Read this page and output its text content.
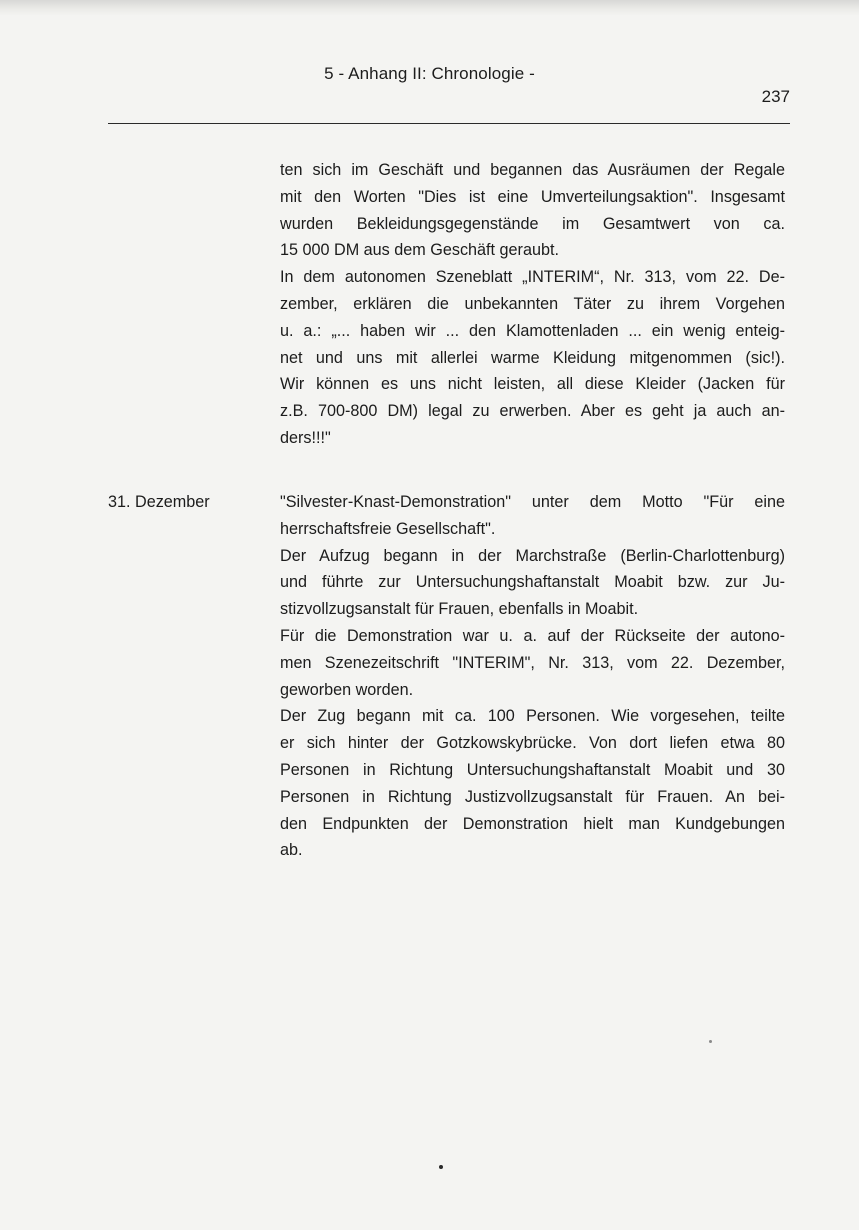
5 - Anhang II: Chronologie -
237
ten sich im Geschäft und begannen das Ausräumen der Regale
mit den Worten "Dies ist eine Umverteilungsaktion". Insgesamt
wurden Bekleidungsgegenstände im Gesamtwert von ca.
15 000 DM aus dem Geschäft geraubt.
In dem autonomen Szeneblatt „INTERIM“, Nr. 313, vom 22. De-
zember, erklären die unbekannten Täter zu ihrem Vorgehen
u. a.: „... haben wir ... den Klamottenladen ... ein wenig enteig-
net und uns mit allerlei warme Kleidung mitgenommen (sic!).
Wir können es uns nicht leisten, all diese Kleider (Jacken für
z.B. 700-800 DM) legal zu erwerben. Aber es geht ja auch an-
ders!!!"
31. Dezember	"Silvester-Knast-Demonstration" unter dem Motto "Für eine
herrschaftsfreie Gesellschaft".
Der Aufzug begann in der Marchstraße (Berlin-Charlottenburg)
und führte zur Untersuchungshaftanstalt Moabit bzw. zur Ju-
stizvollzugsanstalt für Frauen, ebenfalls in Moabit.
Für die Demonstration war u. a. auf der Rückseite der autono-
men Szenezeitschrift "INTERIM", Nr. 313, vom 22. Dezember,
geworben worden.
Der Zug begann mit ca. 100 Personen. Wie vorgesehen, teilte
er sich hinter der Gotzkowskybrücke. Von dort liefen etwa 80
Personen in Richtung Untersuchungshaftanstalt Moabit und 30
Personen in Richtung Justizvollzugsanstalt für Frauen. An bei-
den Endpunkten der Demonstration hielt man Kundgebungen
ab.
